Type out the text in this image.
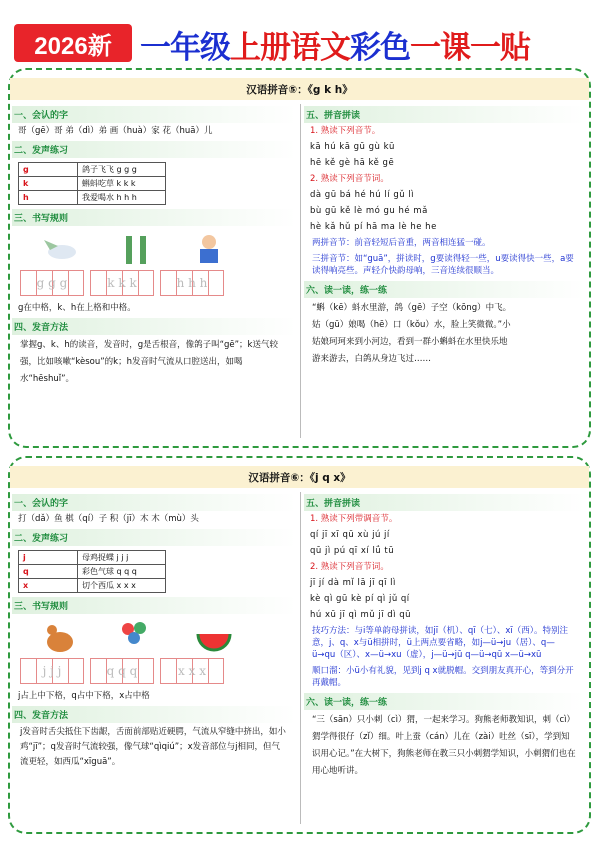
2026新 一年级上册语文彩色一课一贴
汉语拼音⑤：《g k h》
一、会认的字
哥（gē）哥 弟（dì）弟 画（huà）家 花（huā）儿
二、发声练习
g	鸽子飞飞 g g g
k	蝌蚪吃草 k k k
h	我爱喝水 h h h
三、书写规则
g g g	k k k	h h h
g在中格，k、h在上格和中格。
四、发音方法
掌握g、k、h的读音，发音时，g是舌根音，像鸽子叫“gē”；k送气较强，比如咳嗽“kèsou”的k；h发音时气流从口腔送出，如喝水“hēshuǐ”。
五、拼音拼读
1. 熟读下列音节。
kā hú kā gū gù kū
hē kě gè hā kě gē
2. 熟读下列音节词。
dà gū bá hé hú lí gǔ lì
bù gū kě lè mó gu hé mǎ
hè kǎ hǔ pí hā ma lè he he
两拼音节：前音轻短后音重，两音相连猛一碰。
三拼音节：如“guā”，拼读时，g要读得轻一些，u要读得快一些，a要读得响亮些。声轻介快韵母响，三音连续很顺当。
六、读一读，练一练
“蝌（kē）蚪水里游，鸽（gē）子空（kōng）中飞。姑（gū）娘喝（hē）口（kǒu）水，脸上笑微微。”小姑娘珂珂来到小河边，看到一群小蝌蚪在水里快乐地游来游去，白鸽从身边飞过……
汉语拼音⑥：《j q x》
一、会认的字
打（dǎ）鱼 棋（qí）子 积（jī）木 木（mù）头
二、发声练习
j	母鸡捉蝶 j j j
q	彩色气球 q q q
x	切个西瓜 x x x
三、书写规则
j j j	q q q	x x x
j占上中下格，q占中下格，x占中格
四、发音方法
j发音时舌尖抵住下齿龈，舌面前部贴近硬腭，气流从窄缝中挤出，如小鸡“jī”；q发音时气流较强，像气球“qìqiú”；x发音部位与j相同，但气流更轻，如西瓜“xīguā”。
五、拼音拼读
1. 熟读下列带调音节。
qí jī xī qū xù jú jí
qū jì pú qī xí lǘ tū
2. 熟读下列音节词。
jī jí dà mǐ lā jī qī lì
kè qì gū kè pí qì jǔ qí
hú xū jī qì mǔ jī dì qū
技巧方法：与i等单韵母拼读，如jī（机）、qī（七）、xī（西）。特别注意，j、q、x与ü相拼时，ü上两点要省略，如j—ü→ju（居）、q—ü→qu（区）、x—ü→xu（虚），j—ü→jū q—ü→qū x—ü→xū
顺口溜：小ü小有礼貌，见到j q x就脱帽。交到朋友真开心，等到分开再戴帽。
六、读一读，练一练
“三（sān）只小刺（cì）猬，一起来学习。狗熊老师教知识，刺（cì）猬学得很仔（zǐ）细。叶上蚕（cán）儿在（zài）吐丝（sī），学到知识用心记。”在大树下，狗熊老师在教三只小刺猬学知识，小刺猬们也在用心地听讲。
